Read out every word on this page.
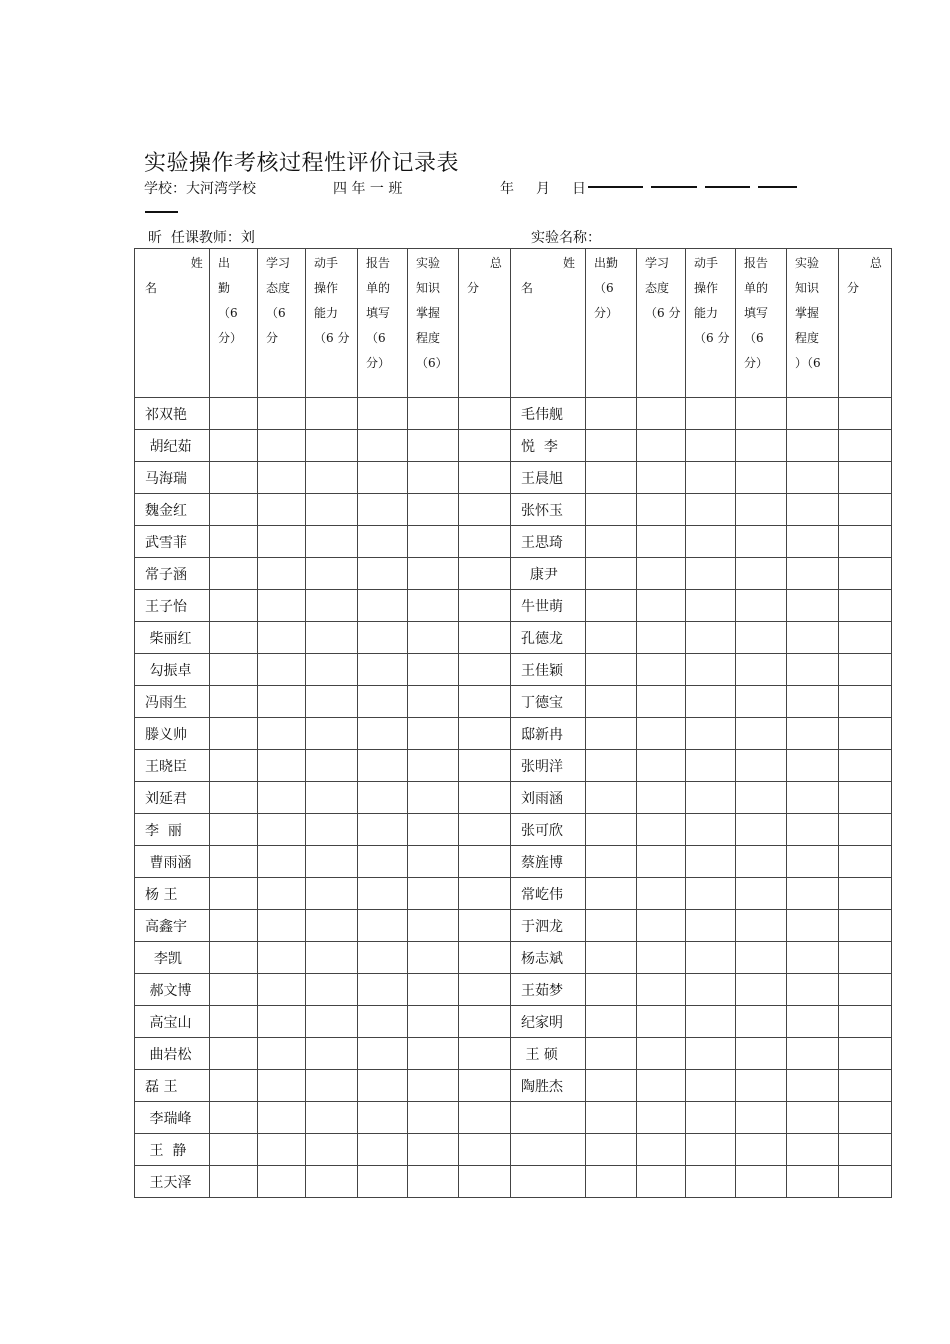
实验操作考核过程性评价记录表
学校：大河湾学校	四 年 一 班	年 月 日
昕  任课教师：刘	实验名称：
姓
名	出
勤
（6
分）	学习
态度
（6 分	动手
操作
能力
（6 分	报告
单的
填写
（6
分）	实验
知识
掌握
程度
（6）	总
分	姓
名	出勤
（6
分）	学习
态度
（6 分	动手
操作
能力
（6 分	报告
单的
填写
（6
分）	实验
知识
掌握
程度
）（6	总
分

祁双艳							毛伟舰						

胡纪茹							悦  李						

马海瑞							王晨旭						

魏金红							张怀玉						

武雪菲							王思琦						

常子涵							康尹						

王子怡							牛世萌						

柴丽红							孔德龙						

勾振卓							王佳颖						

冯雨生							丁德宝						

滕义帅							邸新冉						

王晓臣							张明洋						

刘延君							刘雨涵						

李  丽							张可欣						

曹雨涵							蔡旌博						

杨 王							常屹伟						

高鑫宇							于泗龙						

李凯							杨志斌						

郝文博							王茹梦						

高宝山							纪家明						

曲岩松							王 硕						

磊 王							陶胜杰						

李瑞峰													

王  静													

王天泽													
